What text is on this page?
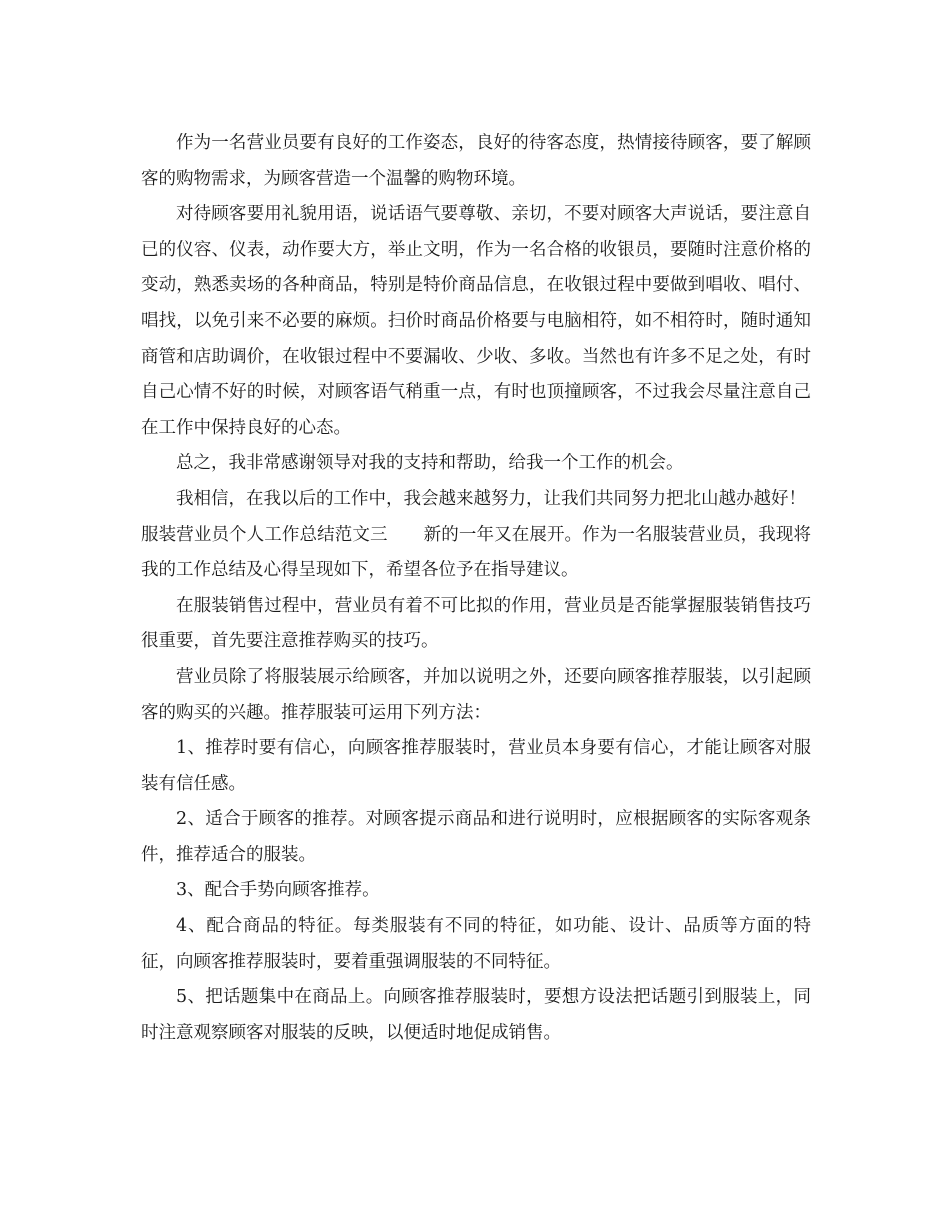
作为一名营业员要有良好的工作姿态，良好的待客态度，热情接待顾客，要了解顾客的购物需求，为顾客营造一个温馨的购物环境。

对待顾客要用礼貌用语，说话语气要尊敬、亲切，不要对顾客大声说话，要注意自已的仪容、仪表，动作要大方，举止文明，作为一名合格的收银员，要随时注意价格的变动，熟悉卖场的各种商品，特别是特价商品信息，在收银过程中要做到唱收、唱付、唱找，以免引来不必要的麻烦。扫价时商品价格要与电脑相符，如不相符时，随时通知商管和店助调价，在收银过程中不要漏收、少收、多收。当然也有许多不足之处，有时自己心情不好的时候，对顾客语气稍重一点，有时也顶撞顾客，不过我会尽量注意自己在工作中保持良好的心态。

总之，我非常感谢领导对我的支持和帮助，给我一个工作的机会。

我相信，在我以后的工作中，我会越来越努力，让我们共同努力把北山越办越好！

服装营业员个人工作总结范文三 新的一年又在展开。作为一名服装营业员，我现将我的工作总结及心得呈现如下，希望各位予在指导建议。

在服装销售过程中，营业员有着不可比拟的作用，营业员是否能掌握服装销售技巧很重要，首先要注意推荐购买的技巧。

营业员除了将服装展示给顾客，并加以说明之外，还要向顾客推荐服装，以引起顾客的购买的兴趣。推荐服装可运用下列方法：

1、推荐时要有信心，向顾客推荐服装时，营业员本身要有信心，才能让顾客对服装有信任感。

2、适合于顾客的推荐。对顾客提示商品和进行说明时，应根据顾客的实际客观条件，推荐适合的服装。

3、配合手势向顾客推荐。

4、配合商品的特征。每类服装有不同的特征，如功能、设计、品质等方面的特征，向顾客推荐服装时，要着重强调服装的不同特征。

5、把话题集中在商品上。向顾客推荐服装时，要想方设法把话题引到服装上，同时注意观察顾客对服装的反映，以便适时地促成销售。
